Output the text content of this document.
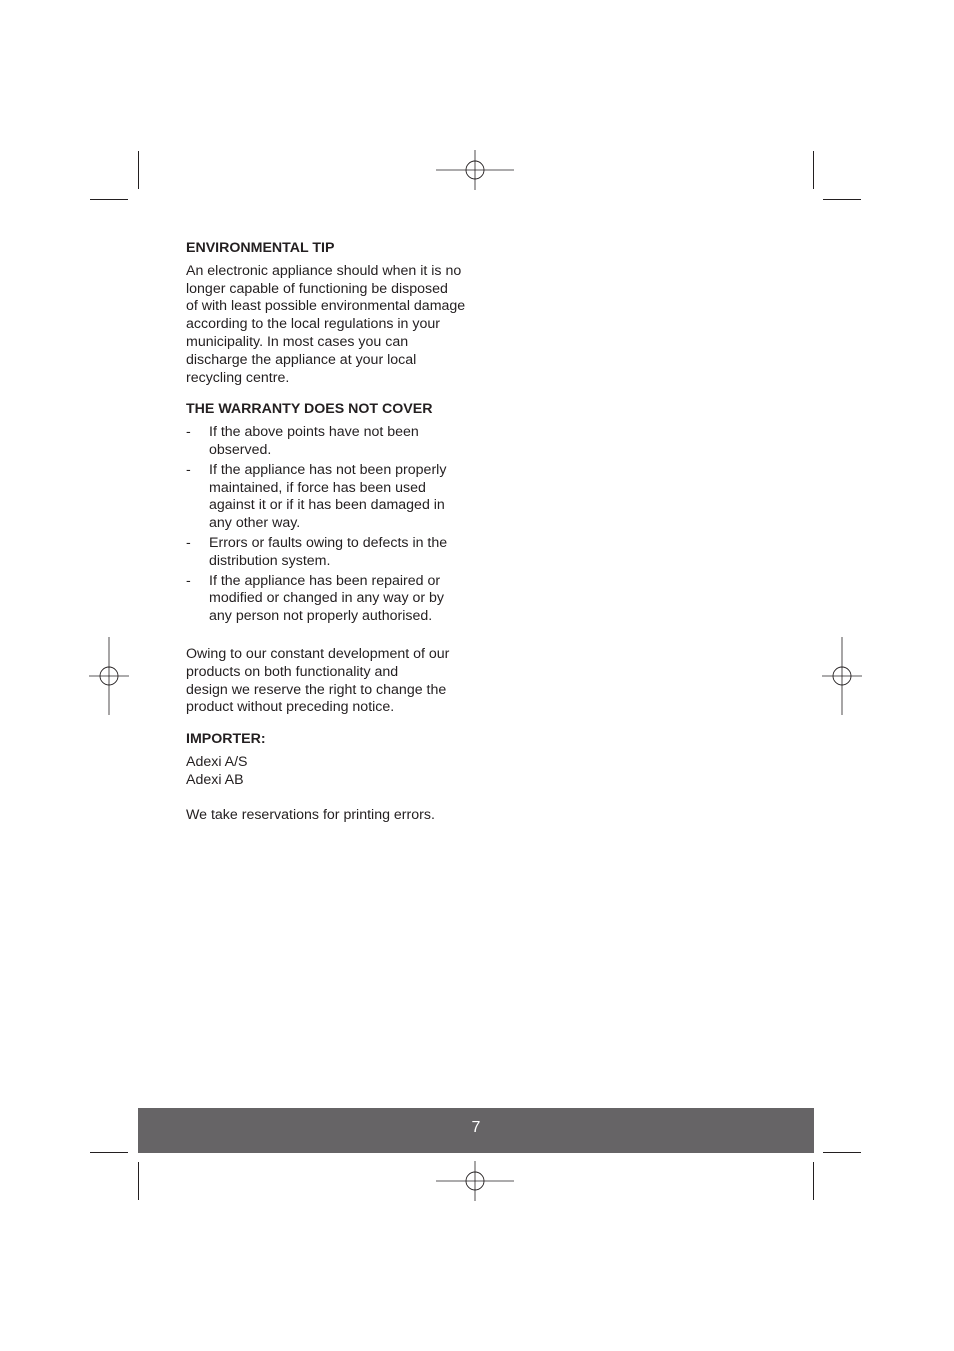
ENVIRONMENTAL TIP

An electronic appliance should when it is no
longer capable of functioning be disposed
of with least possible environmental damage
according to the local regulations in your
municipality. In most cases you can
discharge the appliance at your local
recycling centre.

THE WARRANTY DOES NOT COVER
- If the above points have not been
observed.
- If the appliance has not been properly
maintained, if force has been used
against it or if it has been damaged in
any other way.
- Errors or faults owing to defects in the
distribution system.
- If the appliance has been repaired or
modified or changed in any way or by
any person not properly authorised.

Owing to our constant development of our
products on both functionality and
design we reserve the right to change the
product without preceding notice.

IMPORTER:

Adexi A/S
Adexi AB

We take reservations for printing errors.

7
